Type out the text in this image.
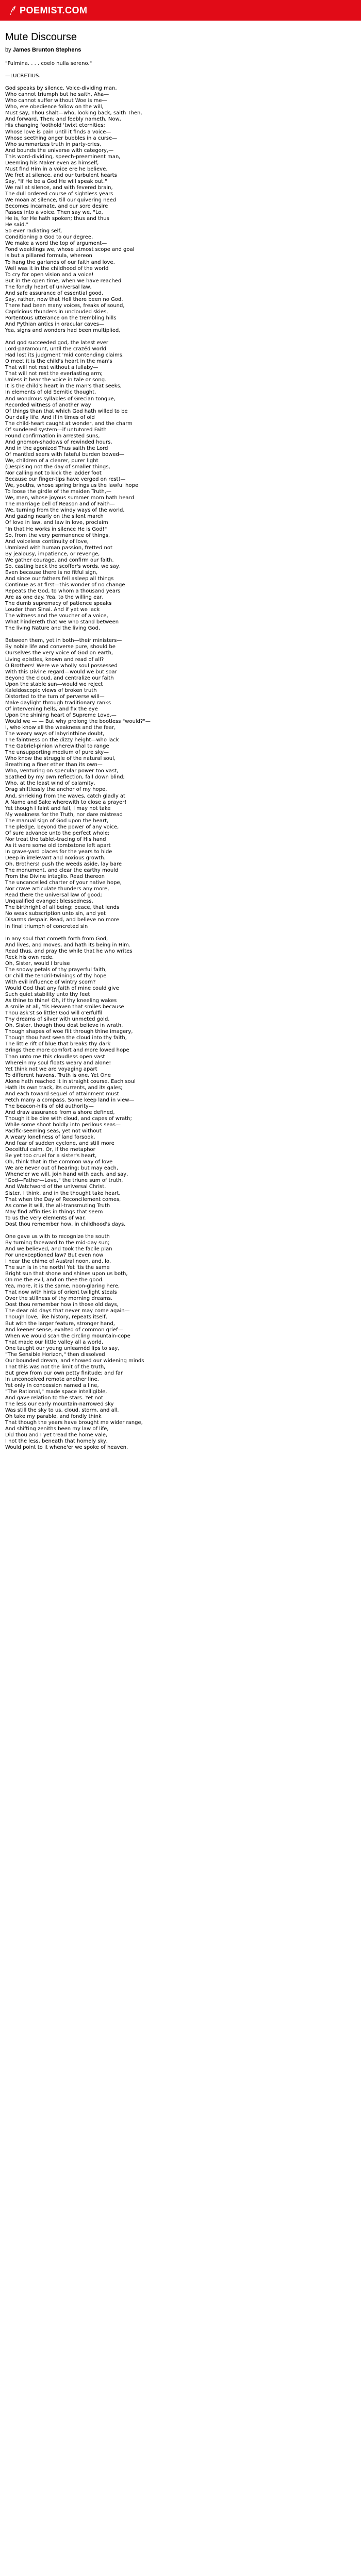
POEMIST.COM
Mute Discourse
by James Brunton Stephens
"Fulmina. . . . coelo nulla sereno."

—LUCRETIUS.

God speaks by silence. Voice-dividing man,
Who cannot triumph but he saith, Aha—
Who cannot suffer without Woe is me—
Who, ere obedience follow on the will,
Must say, Thou shalt—who, looking back, saith Then,
And forward, Then; and feebly nameth, Now,
His changing foothold 'twixt eternities;
Whose love is pain until it finds a voice—
Whose seething anger bubbles in a curse—
Who summarizes truth in party-cries,
And bounds the universe with category,—
This word-dividing, speech-preeminent man,
Deeming his Maker even as himself,
Must find Him in a voice ere he believe.
We fret at silence, and our turbulent hearts
Say, "If He be a God He will speak out."
We rail at silence, and with fevered brain,
The dull ordered course of sightless years
We moan at silence, till our quivering need
Becomes incarnate, and our sore desire
Passes into a voice. Then say we, "Lo,
He is, for He hath spoken; thus and thus
He said."
So ever radiating self,
Conditioning a God to our degree,
We make a word the top of argument—
Fond weaklings we, whose utmost scope and goal
Is but a pillared formula, whereon
To hang the garlands of our faith and love.
Well was it in the childhood of the world
To cry for open vision and a voice!
But in the open time, when we have reached
The fondly heart of universal law,
And safe assurance of essential good,
Say, rather, now that Hell there been no God,
There had been many voices, freaks of sound,
Capricious thunders in unclouded skies,
Portentous utterance on the trembling hills
And Pythian antics in oracular caves—
Yea, signs and wonders had been multiplied,

And god succeeded god, the latest ever
Lord-paramount, until the crazéd world
Had lost its judgment 'mid contending claims.
O meet it is the child's heart in the man's
That will not rest without a lullaby—
That will not rest the everlasting arm;
Unless it hear the voice in tale or song.
It is the child's heart in the man's that seeks,
In elements of old Semitic thought,
And wondrous syllables of Grecian tongue,
Recorded witness of another way
Of things than that which God hath willed to be
Our daily life. And if in times of old
The child-heart caught at wonder, and the charm
Of sundered system—if untutored Faith
Found confirmation in arrested suns,
And gnomon-shadows of rewinded hours,
And in the agonized Thus saith the Lord
Of mantled seers with fateful burden bowed—
We, children of a clearer, purer light
(Despising not the day of smaller things,
Nor calling not to kick the ladder foot
Because our finger-tips have verged on rest)—
We, youths, whose spring brings us the lawful hope
To loose the girdle of the maiden Truth,—
We, men, whose joyous summer morn hath heard
The marriage bell of Reason and of Faith—
We, turning from the windy ways of the world,
And gazing nearly on the silent march
Of love in law, and law in love, proclaim
"In that He works in silence He is God!"
So, from the very permanence of things,
And voiceless continuity of love,
Unmixed with human passion, fretted not
By jealousy, impatience, or revenge,
We gather courage, and confirm our faith.
So, casting back the scoffer's words, we say,
Even because there is no fitful sign,
And since our fathers fell asleep all things
Continue as at first—this wonder of no change
Repeats the God, to whom a thousand years
Are as one day. Yea, to the willing ear,
The dumb supremacy of patience speaks
Louder than Sinai. And if yet we lack
The witness and the voucher of a voice,
What hindereth that we who stand between
The living Nature and the living God,

Between them, yet in both—their ministers—
By noble life and converse pure, should be
Ourselves the very voice of God on earth,
Living epistles, known and read of all?
O Brothers! Were we wholly soul possessed
With this Divine regard—would we but soar
Beyond the cloud, and centralize our faith
Upon the stable sun—would we reject
Kaleidoscopic views of broken truth
Distorted to the turn of perverse will—
Make daylight through traditionary ranks
Of intervening hells, and fix the eye
Upon the shining heart of Supreme Love,—
Would we — — But why prolong the bootless "would?"—
I, who know all the weakness and the fear,
The weary ways of labyrinthine doubt,
The faintness on the dizzy height—who lack
The Gabriel-pinion wherewithal to range
The unsupporting medium of pure sky—
Who know the struggle of the natural soul,
Breathing a finer ether than its own—
Who, venturing on specular power too vast,
Scathed by my own reflection, fall down blind;
Who, at the least wind of calamity,
Drag shiftlessly the anchor of my hope,
And, shrieking from the waves, catch gladly at
A Name and Sake wherewith to close a prayer!
Yet though I faint and fall, I may not take
My weakness for the Truth, nor dare mistread
The manual sign of God upon the heart,
The pledge, beyond the power of any voice,
Of sure advance unto the perfect whole;
Nor treat the tablet-tracing of His hand
As it were some old tombstone left apart
In grave-yard places for the years to hide
Deep in irrelevant and noxious growth.
Oh, Brothers! push the weeds aside, lay bare
The monument, and clear the earthy mould
From the Divine intaglio. Read thereon
The uncancelled charter of your native hope,
Nor crave articulate thunders any more,
Read there the universal law of good;
Unqualified evangel; blessedness,
The birthright of all being; peace, that lends
No weak subscription unto sin, and yet
Disarms despair. Read, and believe no more
In final triumph of concreted sin

In any soul that cometh forth from God,
And lives, and moves, and hath its being in Him.
Read thus, and pray the while that he who writes
Reck his own rede.
Oh, Sister, would I bruise
The snowy petals of thy prayerful faith,
Or chill the tendril-twinings of thy hope
With evil influence of wintry scorn?
Would God that any faith of mine could give
Such quiet stability unto thy feet
As thine to thine! Oh, if thy kneeling wakes
A smile at all, 'tis Heaven that smiles because
Thou ask'st so little! God will o'erfulfil
Thy dreams of silver with unmeted gold.
Oh, Sister, though thou dost believe in wrath,
Though shapes of woe flit through thine imagery,
Though thou hast seen the cloud into thy faith,
The little rift of blue that breaks thy dark
Brings thee more comfort and more lowed hope
Than unto me this cloudless open vast
Wherein my soul floats weary and alone!
Yet think not we are voyaging apart
To different havens. Truth is one. Yet One
Alone hath reached it in straight course. Each soul
Hath its own track, its currents, and its gales;
And each toward sequel of attainment must
Fetch many a compass. Some keep land in view—
The beacon-hills of old authority—
And draw assurance from a shore defined,
Though it be dire with cloud, and capes of wrath;
While some shoot boldly into perilous seas—
Pacific-seeming seas, yet not without
A weary loneliness of land forsook,
And fear of sudden cyclone, and still more
Deceitful calm. Or, if the metaphor
Be yet too cruel for a sister's heart,
Oh, think that in the common way of love
We are never out of hearing; but may each,
Whene'er we will, join hand with each, and say,
"God—Father—Love," the triune sum of truth,
And Watchword of the universal Christ.
Sister, I think, and in the thought take heart,
That when the Day of Reconcilement comes,
As come it will, the all-transmuting Truth
May find affinities in things that seem
To us the very elements of war.
Dost thou remember how, in childhood's days,

One gave us with to recognize the south
By turning faceward to the mid-day sun;
And we believed, and took the facile plan
For unexceptioned law? But even now
I hear the chime of Austral noon, and, lo,
The sun is in the north! Yet 'tis the same
Bright sun that shone and shines upon us both,
On me the evil, and on thee the good.
Yea, more, it is the same, noon-glaring here,
That now with hints of orient twilight steals
Over the stillness of thy morning dreams.
Dost thou remember how in those old days,
The dear old days that never may come again—
Though love, like history, repeats itself,
But with the larger feature, stronger hand,
And keener sense, exalted of common grief—
When we would scan the circling mountain-cope
That made our little valley all a world,
One taught our young unlearnéd lips to say,
"The Sensible Horizon," then dissolved
Our bounded dream, and showed our widening minds
That this was not the limit of the truth,
But grew from our own petty finitude; and far
In unconceived remote another line,
Yet only in concession named a line,
"The Rational," made space intelligible,
And gave relation to the stars. Yet not
The less our early mountain-narrowed sky
Was still the sky to us, cloud, storm, and all.
Oh take my parable, and fondly think
That though the years have brought me wider range,
And shifting zeniths been my law of life,
Did thou and I yet tread the home vale,
I not the less, beneath that homely sky,
Would point to it whene'er we spoke of heaven.
